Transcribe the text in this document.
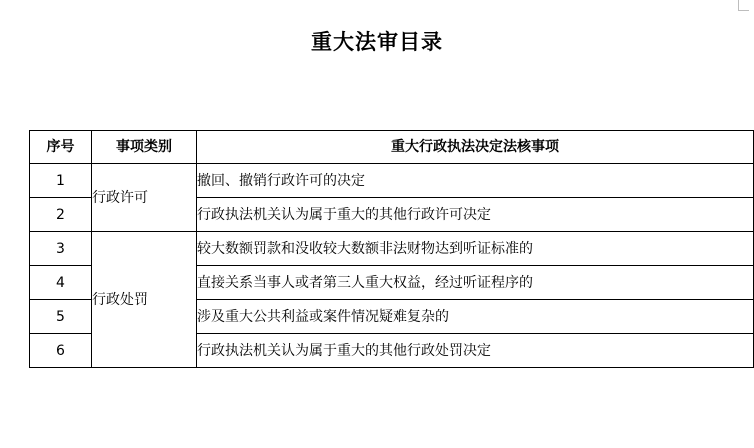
重大法审目录
序号	事项类别	重大行政执法决定法核事项
1	行政许可	撤回、撤销行政许可的决定
2		行政执法机关认为属于重大的其他行政许可决定
3	行政处罚	较大数额罚款和没收较大数额非法财物达到听证标准的
4		直接关系当事人或者第三人重大权益，经过听证程序的
5		涉及重大公共利益或案件情况疑难复杂的
6		行政执法机关认为属于重大的其他行政处罚决定
